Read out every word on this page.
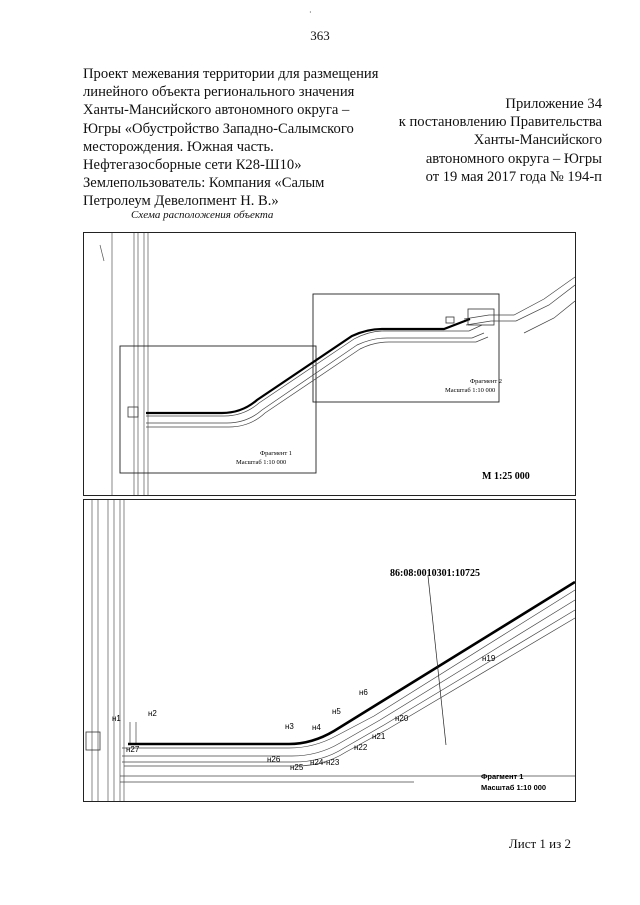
·
363
Проект межевания территории для размещения
линейного объекта регионального значения
Ханты-Мансийского автономного округа –
Югры «Обустройство Западно-Салымского
месторождения. Южная часть.
Нефтегазосборные сети К28-Ш10»
Землепользователь: Компания «Салым
Петролеум Девелопмент Н. В.»
Приложение 34
к постановлению Правительства
Ханты-Мансийского
автономного округа – Югры
от 19 мая 2017 года № 194-п
Схема расположения объекта
Фрагмент 2
Масштаб 1:10 000
Фрагмент 1
Масштаб 1:10 000
М 1:25 000
86:08:0010301:10725
н1
н2
н27
н26
н3
н25
н4
н24-н23
н5
н22
н6
н21
н20
н19
Фрагмент 1
Масштаб 1:10 000
Лист 1 из 2
